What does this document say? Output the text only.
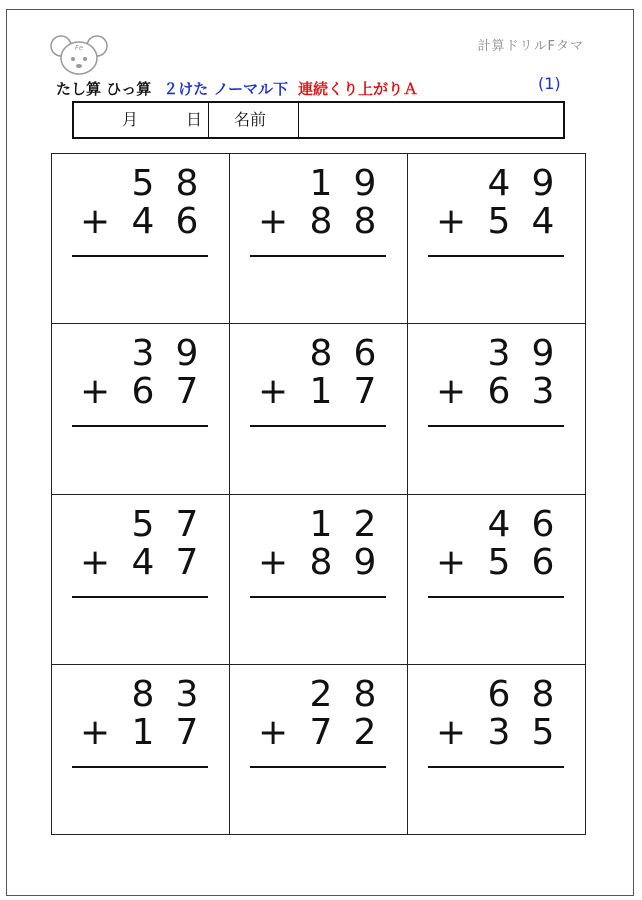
Fe	計算ドリルFタマ
たし算 ひっ算 ２けた ノーマル下 連続くり上がりＡ	(1)
月	日 名前
5 8
+ 4 6
1 9
+ 8 8
4 9
+ 5 4
3 9
+ 6 7
8 6
+ 1 7
3 9
+ 6 3
5 7
+ 4 7
1 2
+ 8 9
4 6
+ 5 6
8 3
+ 1 7
2 8
+ 7 2
6 8
+ 3 5
